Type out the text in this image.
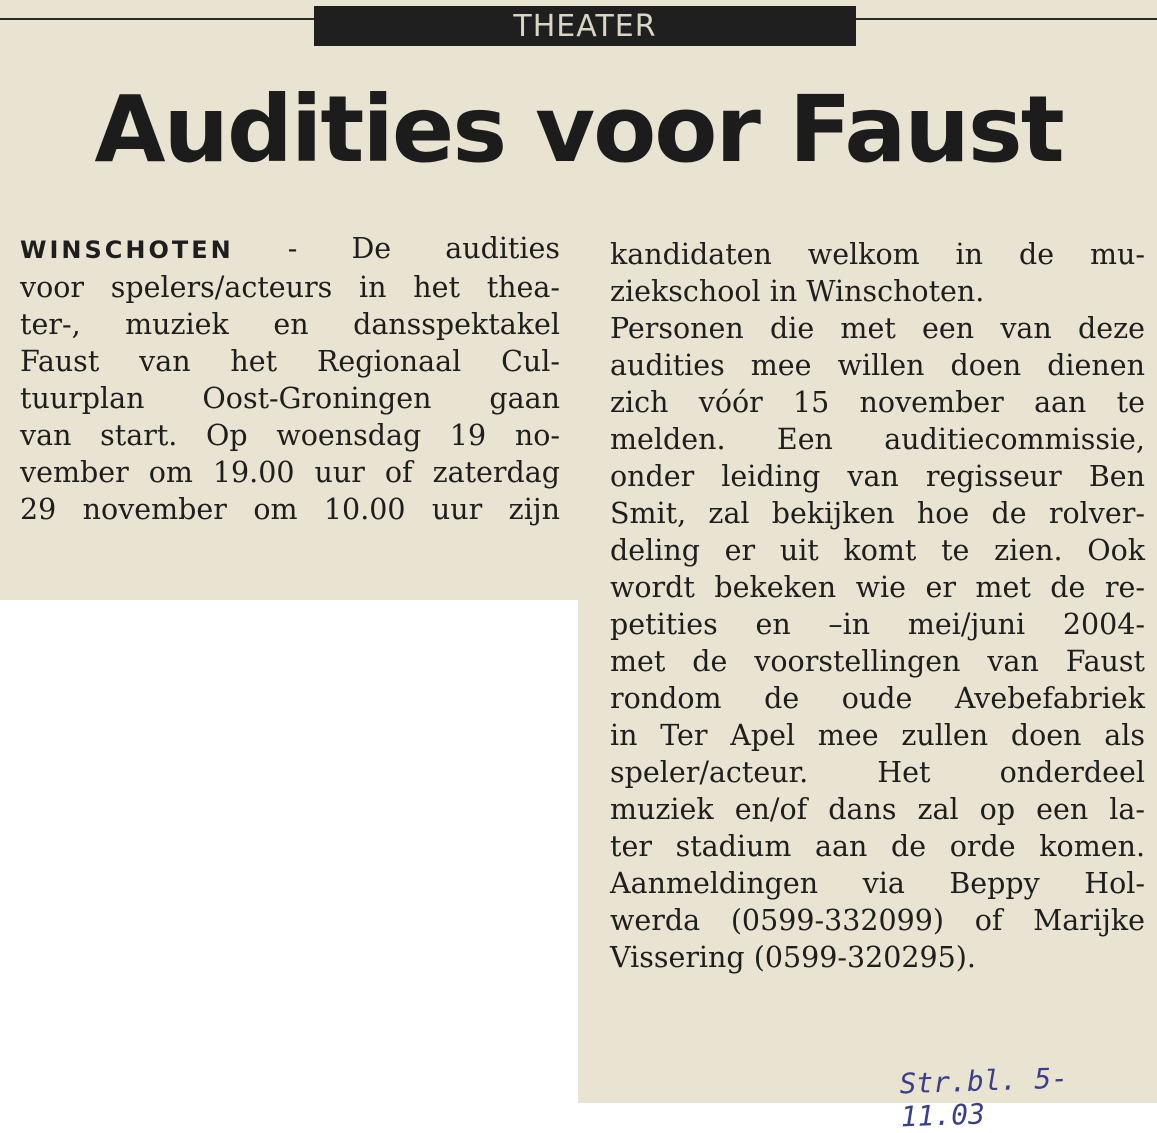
THEATER
Audities voor Faust
WINSCHOTEN - De audities
voor spelers/acteurs in het thea-
ter-, muziek en dansspektakel
Faust van het Regionaal Cul-
tuurplan Oost-Groningen gaan
van start. Op woensdag 19 no-
vember om 19.00 uur of zaterdag
29 november om 10.00 uur zijn
kandidaten welkom in de mu-
ziekschool in Winschoten.
Personen die met een van deze
audities mee willen doen dienen
zich vóór 15 november aan te
melden. Een auditiecommissie,
onder leiding van regisseur Ben
Smit, zal bekijken hoe de rolver-
deling er uit komt te zien. Ook
wordt bekeken wie er met de re-
petities en –in mei/juni 2004-
met de voorstellingen van Faust
rondom de oude Avebefabriek
in Ter Apel mee zullen doen als
speler/acteur. Het onderdeel
muziek en/of dans zal op een la-
ter stadium aan de orde komen.
Aanmeldingen via Beppy Hol-
werda (0599-332099) of Marijke
Vissering (0599-320295).
Str.bl. 5-11.03
